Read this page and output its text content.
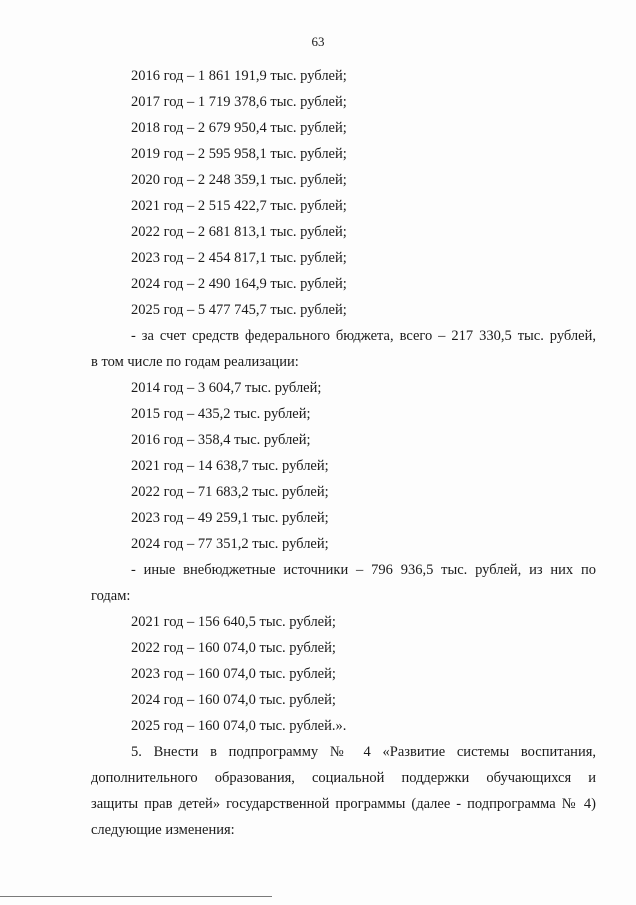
63
2016 год – 1 861 191,9 тыс. рублей;
2017 год – 1 719 378,6 тыс. рублей;
2018 год – 2 679 950,4 тыс. рублей;
2019 год – 2 595 958,1 тыс. рублей;
2020 год – 2 248 359,1 тыс. рублей;
2021 год – 2 515 422,7 тыс. рублей;
2022 год – 2 681 813,1 тыс. рублей;
2023 год – 2 454 817,1 тыс. рублей;
2024 год – 2 490 164,9 тыс. рублей;
2025 год – 5 477 745,7 тыс. рублей;
- за счет средств федерального бюджета, всего – 217 330,5 тыс. рублей,
в том числе по годам реализации:
2014 год – 3 604,7 тыс. рублей;
2015 год – 435,2 тыс. рублей;
2016 год – 358,4 тыс. рублей;
2021 год – 14 638,7 тыс. рублей;
2022 год – 71 683,2 тыс. рублей;
2023 год – 49 259,1 тыс. рублей;
2024 год – 77 351,2 тыс. рублей;
- иные внебюджетные источники – 796 936,5 тыс. рублей, из них по
годам:
2021 год – 156 640,5 тыс. рублей;
2022 год – 160 074,0 тыс. рублей;
2023 год – 160 074,0 тыс. рублей;
2024 год – 160 074,0 тыс. рублей;
2025 год – 160 074,0 тыс. рублей.».
5. Внести в подпрограмму № 4 «Развитие системы воспитания,
дополнительного образования, социальной поддержки обучающихся и
защиты прав детей» государственной программы (далее - подпрограмма № 4)
следующие изменения:
